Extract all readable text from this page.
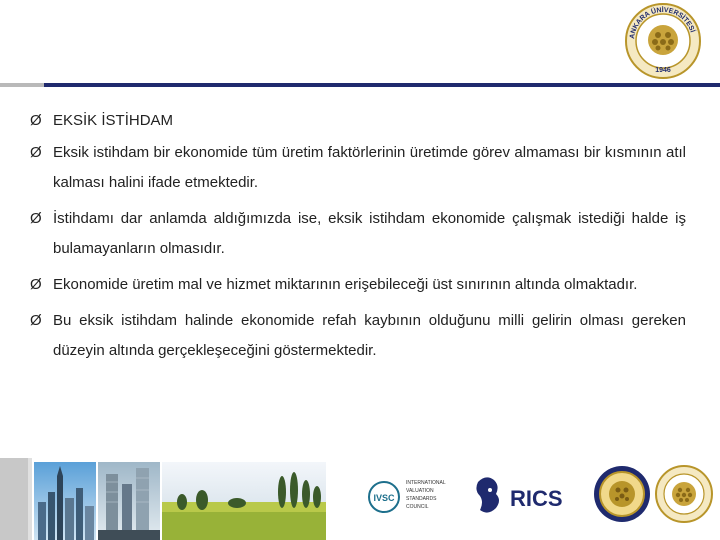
ANKARA ÜNİVERSİTESİ
1946
Ø EKSİK İSTİHDAM
Ø Eksik istihdam bir ekonomide tüm üretim faktörlerinin üretimde görev almaması bir kısmının atıl kalması halini ifade etmektedir.
Ø İstihdamı dar anlamda aldığımızda ise, eksik istihdam ekonomide çalışmak istediği halde iş bulamayanların olmasıdır.
Ø Ekonomide üretim mal ve hizmet miktarının erişebileceği üst sınırının altında olmaktadır.
Ø Bu eksik istihdam halinde ekonomide refah kaybının olduğunu milli gelirin olması gereken düzeyin altında gerçekleşeceğini göstermektedir.
IVSC
INTERNATIONAL
VALUATION
STANDARDS
COUNCIL	RICS
